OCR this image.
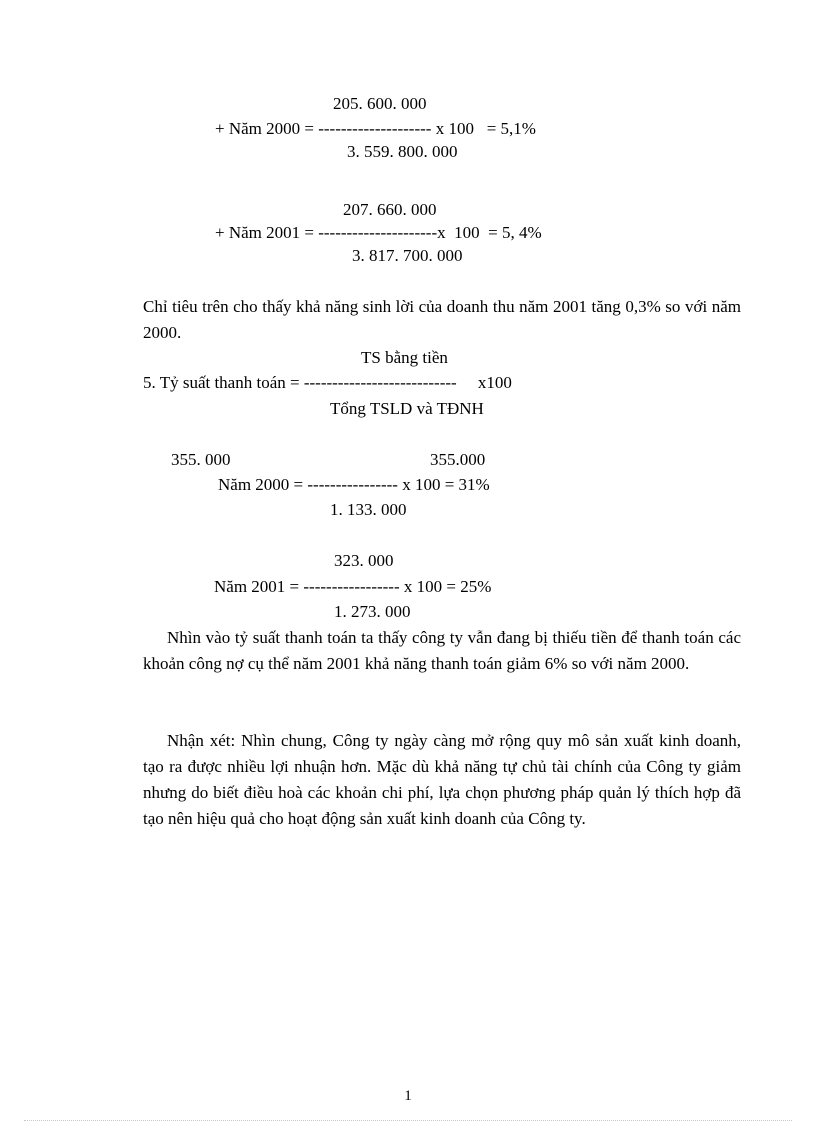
205. 600. 000
+ Năm 2000 = -------------------- x 100   = 5,1%
3. 559. 800. 000
207. 660. 000
+ Năm 2001 = ---------------------x  100  = 5, 4%
3. 817. 700. 000
Chỉ tiêu trên cho thấy khả năng sinh lời của doanh thu năm 2001 tăng 0,3% so với năm 2000.
TS bằng tiền
5. Tỷ suất thanh toán = ---------------------------     x100
Tổng TSLD và TĐNH
355. 000	355.000
Năm 2000 = ---------------- x 100 = 31%
1. 133. 000
323. 000
Năm 2001 = ----------------- x 100 = 25%
1. 273. 000
Nhìn vào tỷ suất thanh toán ta thấy công ty vẫn đang bị thiếu tiền để thanh toán các khoản công nợ cụ thể năm 2001 khả năng thanh toán giảm 6% so với năm 2000.
Nhận xét: Nhìn chung, Công ty ngày càng mở rộng quy mô sản xuất kinh doanh, tạo ra được nhiều lợi nhuận hơn. Mặc dù khả năng tự chủ tài chính của Công ty giảm nhưng do biết điều hoà các khoản chi phí, lựa chọn phương pháp quản lý thích hợp đã tạo nên hiệu quả cho hoạt động sản xuất kinh doanh của Công ty.
1
